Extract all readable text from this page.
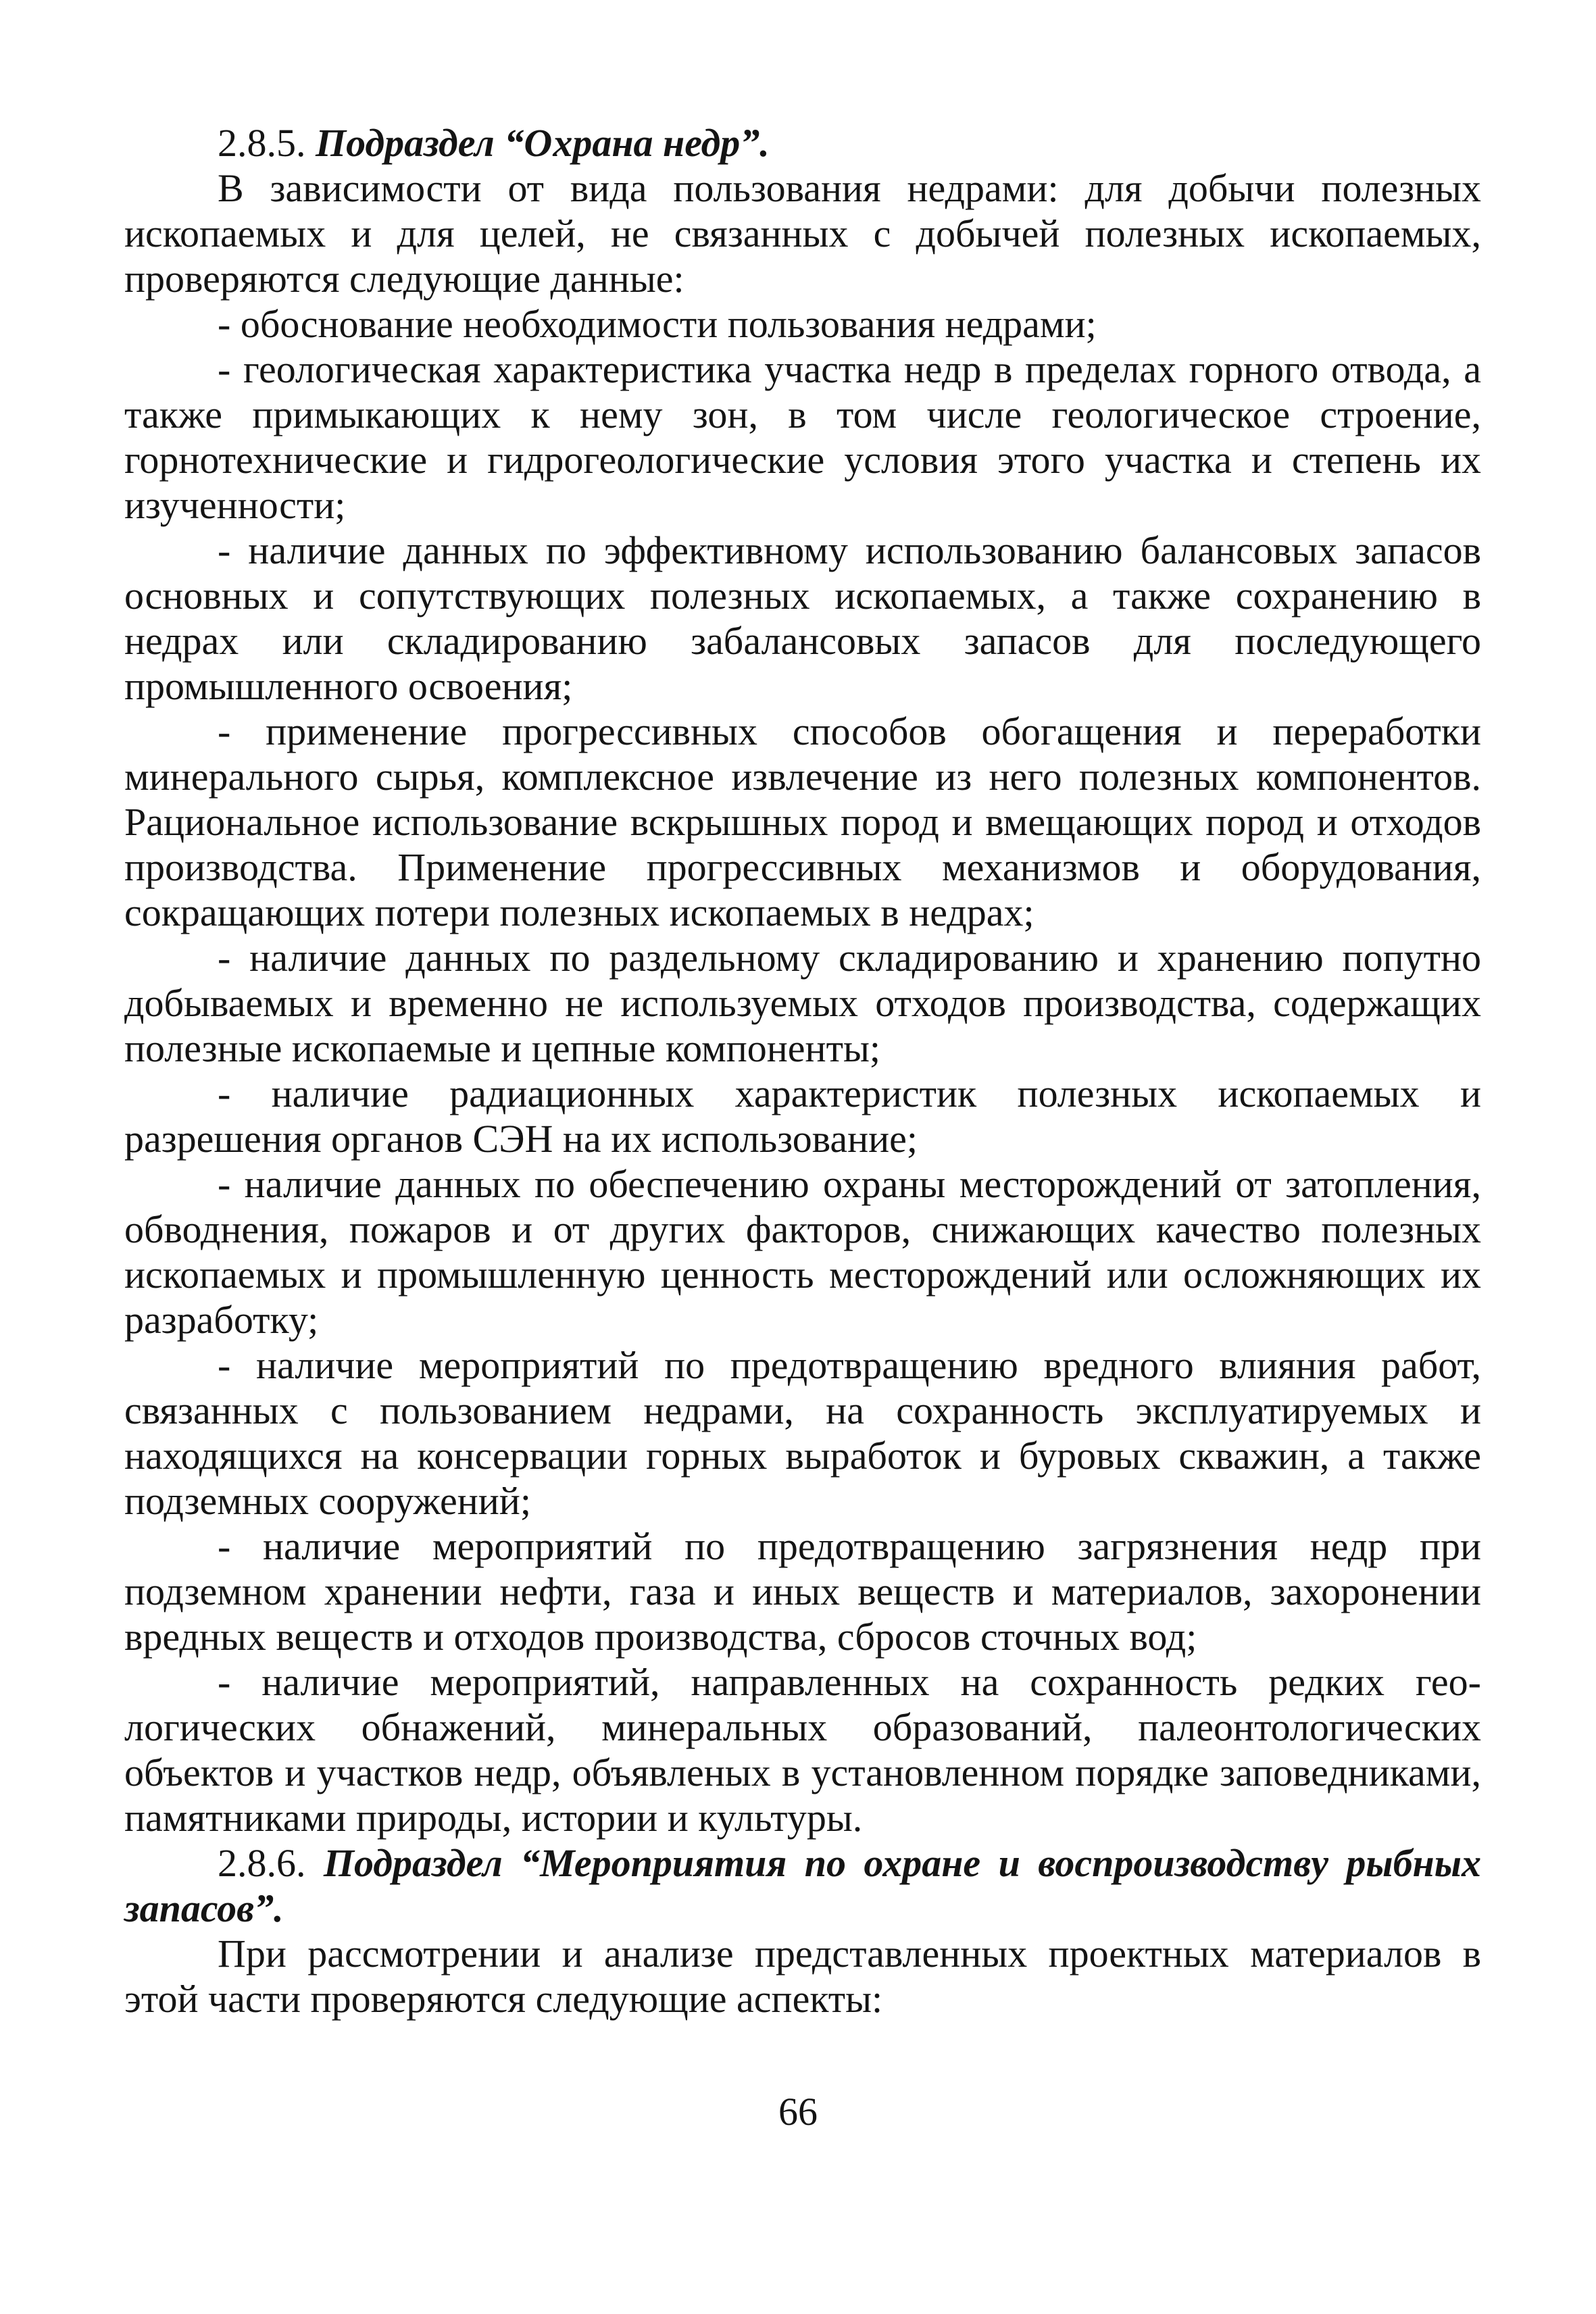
2.8.5. Подраздел “Охрана недр”.

В зависимости от вида пользования недрами: для добычи полезных ископаемых и для целей, не связанных с добычей полезных ископаемых, проверяются следующие данные:

- обоснование необходимости пользования недрами;

- геологическая характеристика участка недр в пределах горного отвода, а также примыкающих к нему зон, в том числе геологическое строение, горнотехнические и гидрогеологические условия этого участка и степень их изученности;

- наличие данных по эффективному использованию балансовых запасов основных и сопутствующих полезных ископаемых, а также сохранению в недрах или складированию забалансовых запасов для последующего промышленного освоения;

- применение прогрессивных способов обогащения и переработки минерального сырья, комплексное извлечение из него полезных компонентов. Рациональное использование вскрышных пород и вмещающих пород и отходов производства. Применение прогрессивных механизмов и оборудования, сокращающих потери полезных ископаемых в недрах;

- наличие данных по раздельному складированию и хранению попутно добываемых и временно не используемых отходов производства, содержащих полезные ископаемые и цепные компоненты;

- наличие радиационных характеристик полезных ископаемых и разрешения органов СЭН на их использование;

- наличие данных по обеспечению охраны месторождений от затопления, обводнения, пожаров и от других факторов, снижающих качество полезных ископаемых и промышленную ценность месторождений или осложняющих их разработку;

- наличие мероприятий по предотвращению вредного влияния работ, связанных с пользованием недрами, на сохранность эксплуатируемых и находящихся на консервации горных выработок и буровых скважин, а также подземных сооружений;

- наличие мероприятий по предотвращению загрязнения недр при подземном хранении нефти, газа и иных веществ и материалов, захоронении вредных веществ и отходов производства, сбросов сточных вод;

- наличие мероприятий, направленных на сохранность редких геологических обнажений, минеральных образований, палеонтологических объектов и участков недр, объявленых в установленном порядке заповедниками, памятниками природы, истории и культуры.

2.8.6. Подраздел “Мероприятия по охране и воспроизводству рыбных запасов”.

При рассмотрении и анализе представленных проектных материалов в этой части проверяются следующие аспекты:

66
